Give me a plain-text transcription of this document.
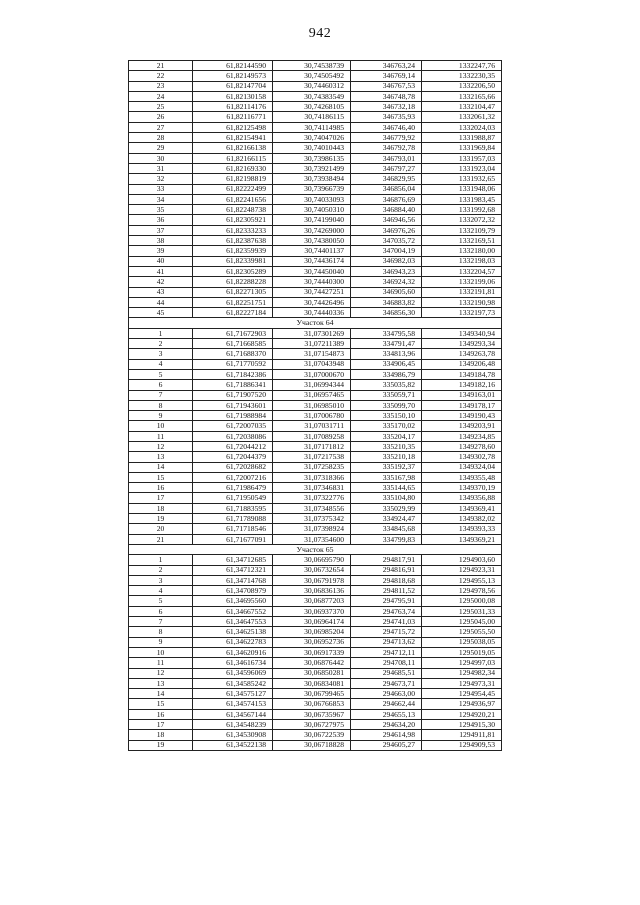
942
21	61,82144590	30,74538739	346763,24	1332247,76
22	61,82149573	30,74505492	346769,14	1332230,35
23	61,82147704	30,74460312	346767,53	1332206,50
24	61,82130158	30,74383549	346748,78	1332165,66
25	61,82114176	30,74268105	346732,18	1332104,47
26	61,82116771	30,74186115	346735,93	1332061,32
27	61,82125498	30,74114985	346746,40	1332024,03
28	61,82154941	30,74047026	346779,92	1331988,87
29	61,82166138	30,74010443	346792,78	1331969,84
30	61,82166115	30,73986135	346793,01	1331957,03
31	61,82169330	30,73921499	346797,27	1331923,04
32	61,82198819	30,73938494	346829,95	1331932,65
33	61,82222499	30,73966739	346856,04	1331948,06
34	61,82241656	30,74033093	346876,69	1331983,45
35	61,82248738	30,74050310	346884,40	1331992,68
36	61,82305921	30,74199040	346946,56	1332072,32
37	61,82333233	30,74269000	346976,26	1332109,79
38	61,82387638	30,74380050	347035,72	1332169,51
39	61,82359939	30,74401137	347004,19	1332180,00
40	61,82339981	30,74436174	346982,03	1332198,03
41	61,82305289	30,74450040	346943,23	1332204,57
42	61,82288228	30,74440300	346924,32	1332199,06
43	61,82271305	30,74427251	346905,60	1332191,81
44	61,82251751	30,74426496	346883,82	1332190,98
45	61,82227184	30,74440336	346856,30	1332197,73
Участок 64				
1	61,71672903	31,07301269	334795,58	1349340,94
2	61,71668585	31,07211389	334791,47	1349293,34
3	61,71688370	31,07154873	334813,96	1349263,78
4	61,71770592	31,07043948	334906,45	1349206,48
5	61,71842386	31,07000670	334986,79	1349184,78
6	61,71886341	31,06994344	335035,82	1349182,16
7	61,71907520	31,06957465	335059,71	1349163,01
8	61,71943601	31,06985010	335099,70	1349178,17
9	61,71988984	31,07006780	335150,10	1349190,43
10	61,72007035	31,07031711	335170,02	1349203,91
11	61,72038086	31,07089258	335204,17	1349234,85
12	61,72044212	31,07171812	335210,35	1349278,60
13	61,72044379	31,07217538	335210,18	1349302,78
14	61,72028682	31,07258235	335192,37	1349324,04
15	61,72007216	31,07318366	335167,98	1349355,48
16	61,71986479	31,07346831	335144,65	1349370,19
17	61,71950549	31,07322776	335104,80	1349356,88
18	61,71883595	31,07348556	335029,99	1349369,41
19	61,71789088	31,07375342	334924,47	1349382,02
20	61,71718546	31,07398924	334845,68	1349393,33
21	61,71677091	31,07354600	334799,83	1349369,21
Участок 65				
1	61,34712685	30,06695790	294817,91	1294903,60
2	61,34712321	30,06732654	294816,91	1294923,31
3	61,34714768	30,06791978	294818,68	1294955,13
4	61,34708979	30,06836136	294811,52	1294978,56
5	61,34695560	30,06877203	294795,91	1295000,08
6	61,34667552	30,06937370	294763,74	1295031,33
7	61,34647553	30,06964174	294741,03	1295045,00
8	61,34625138	30,06985204	294715,72	1295055,50
9	61,34622783	30,06952736	294713,62	1295038,05
10	61,34620916	30,06917339	294712,11	1295019,05
11	61,34616734	30,06876442	294708,11	1294997,03
12	61,34596069	30,06850281	294685,51	1294982,34
13	61,34585242	30,06834081	294673,71	1294973,31
14	61,34575127	30,06799465	294663,00	1294954,45
15	61,34574153	30,06766853	294662,44	1294936,97
16	61,34567144	30,06735967	294655,13	1294920,21
17	61,34548239	30,06727975	294634,20	1294915,30
18	61,34530908	30,06722539	294614,98	1294911,81
19	61,34522138	30,06718828	294605,27	1294909,53
